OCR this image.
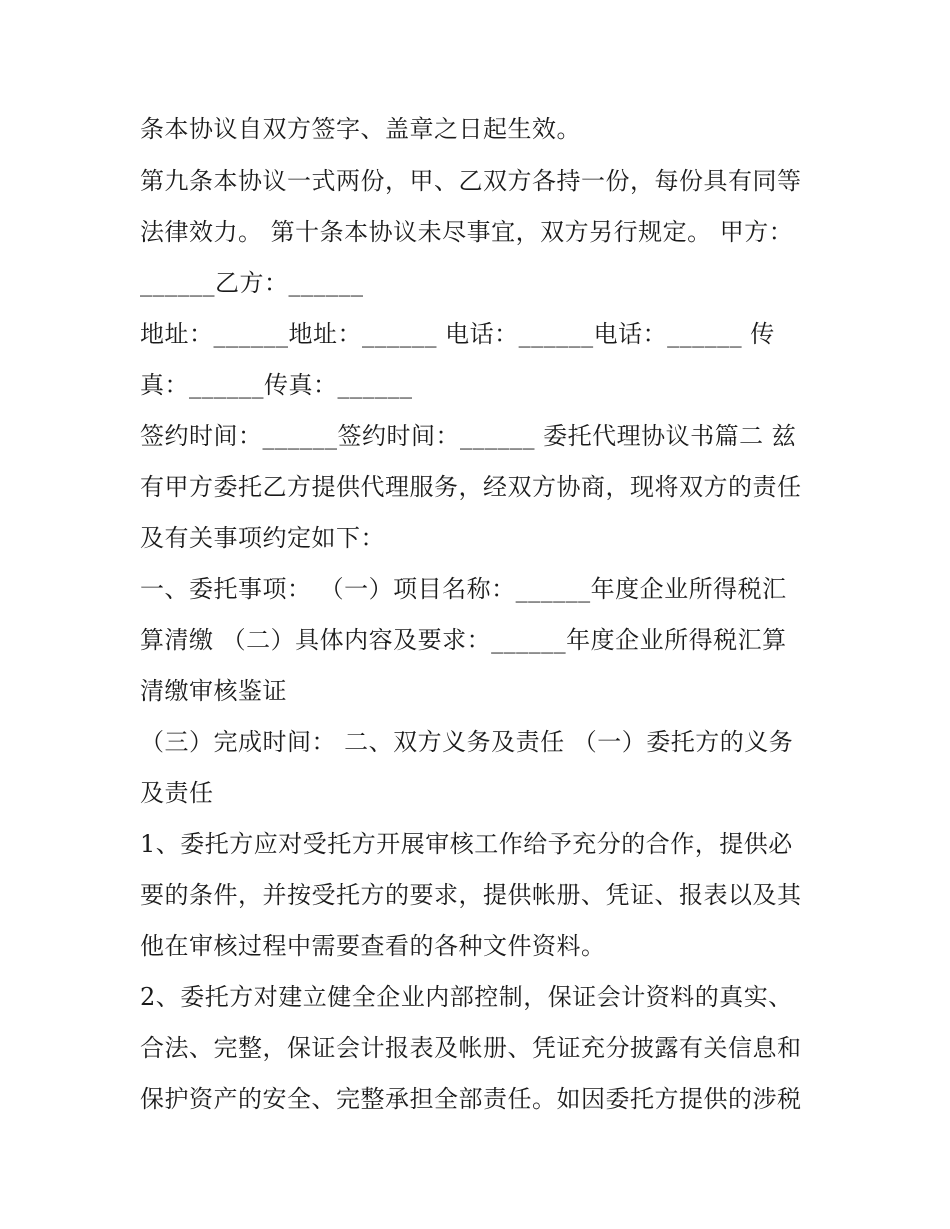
条本协议自双方签字、盖章之日起生效。
第九条本协议一式两份，甲、乙双方各持一份，每份具有同等
法律效力。 第十条本协议未尽事宜，双方另行规定。 甲方：
______乙方：______
地址：______地址：______ 电话：______电话：______ 传
真：______传真：______
签约时间：______签约时间：______ 委托代理协议书篇二 兹
有甲方委托乙方提供代理服务，经双方协商，现将双方的责任
及有关事项约定如下：
一、委托事项： （一）项目名称：______年度企业所得税汇
算清缴 （二）具体内容及要求：______年度企业所得税汇算
清缴审核鉴证
（三）完成时间： 二、双方义务及责任 （一）委托方的义务
及责任
1、委托方应对受托方开展审核工作给予充分的合作，提供必
要的条件，并按受托方的要求，提供帐册、凭证、报表以及其
他在审核过程中需要查看的各种文件资料。
2、委托方对建立健全企业内部控制，保证会计资料的真实、
合法、完整，保证会计报表及帐册、凭证充分披露有关信息和
保护资产的安全、完整承担全部责任。如因委托方提供的涉税
